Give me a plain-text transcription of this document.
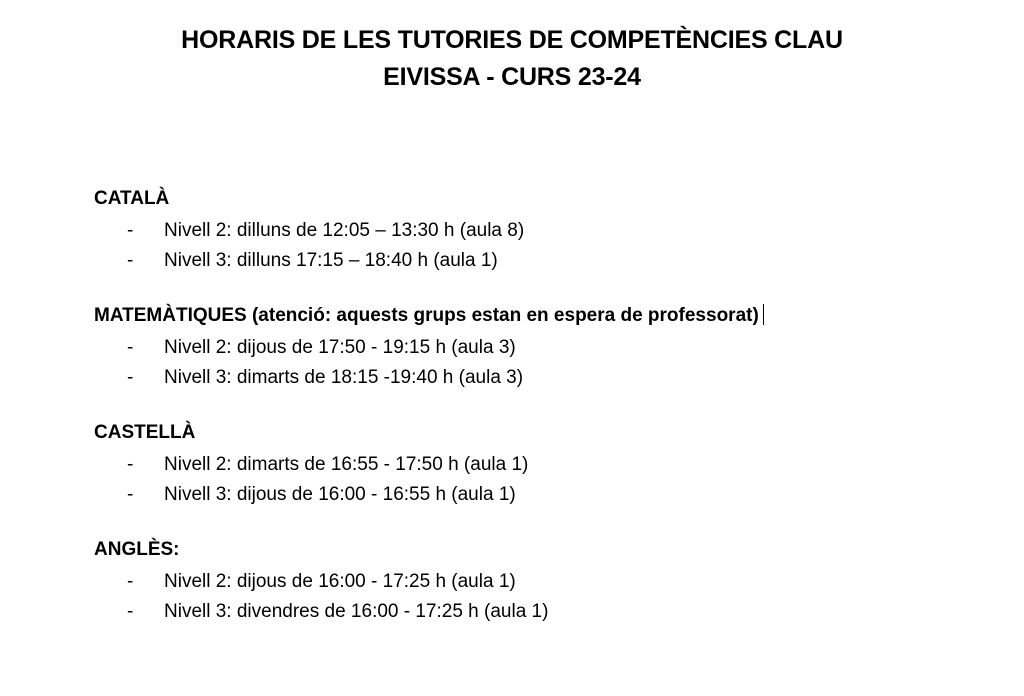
HORARIS DE LES TUTORIES DE COMPETÈNCIES CLAU
EIVISSA - CURS 23-24
CATALÀ
- Nivell 2: dilluns de 12:05 – 13:30 h (aula 8)
- Nivell 3: dilluns 17:15 – 18:40 h (aula 1)
MATEMÀTIQUES (atenció: aquests grups estan en espera de professorat)
- Nivell 2: dijous de 17:50 - 19:15 h (aula 3)
- Nivell 3: dimarts de 18:15 -19:40 h (aula 3)
CASTELLÀ
- Nivell 2: dimarts de 16:55 - 17:50 h (aula 1)
- Nivell 3: dijous de 16:00 - 16:55 h (aula 1)
ANGLÈS:
- Nivell 2: dijous de 16:00 - 17:25 h (aula 1)
- Nivell 3: divendres de 16:00 - 17:25 h (aula 1)
